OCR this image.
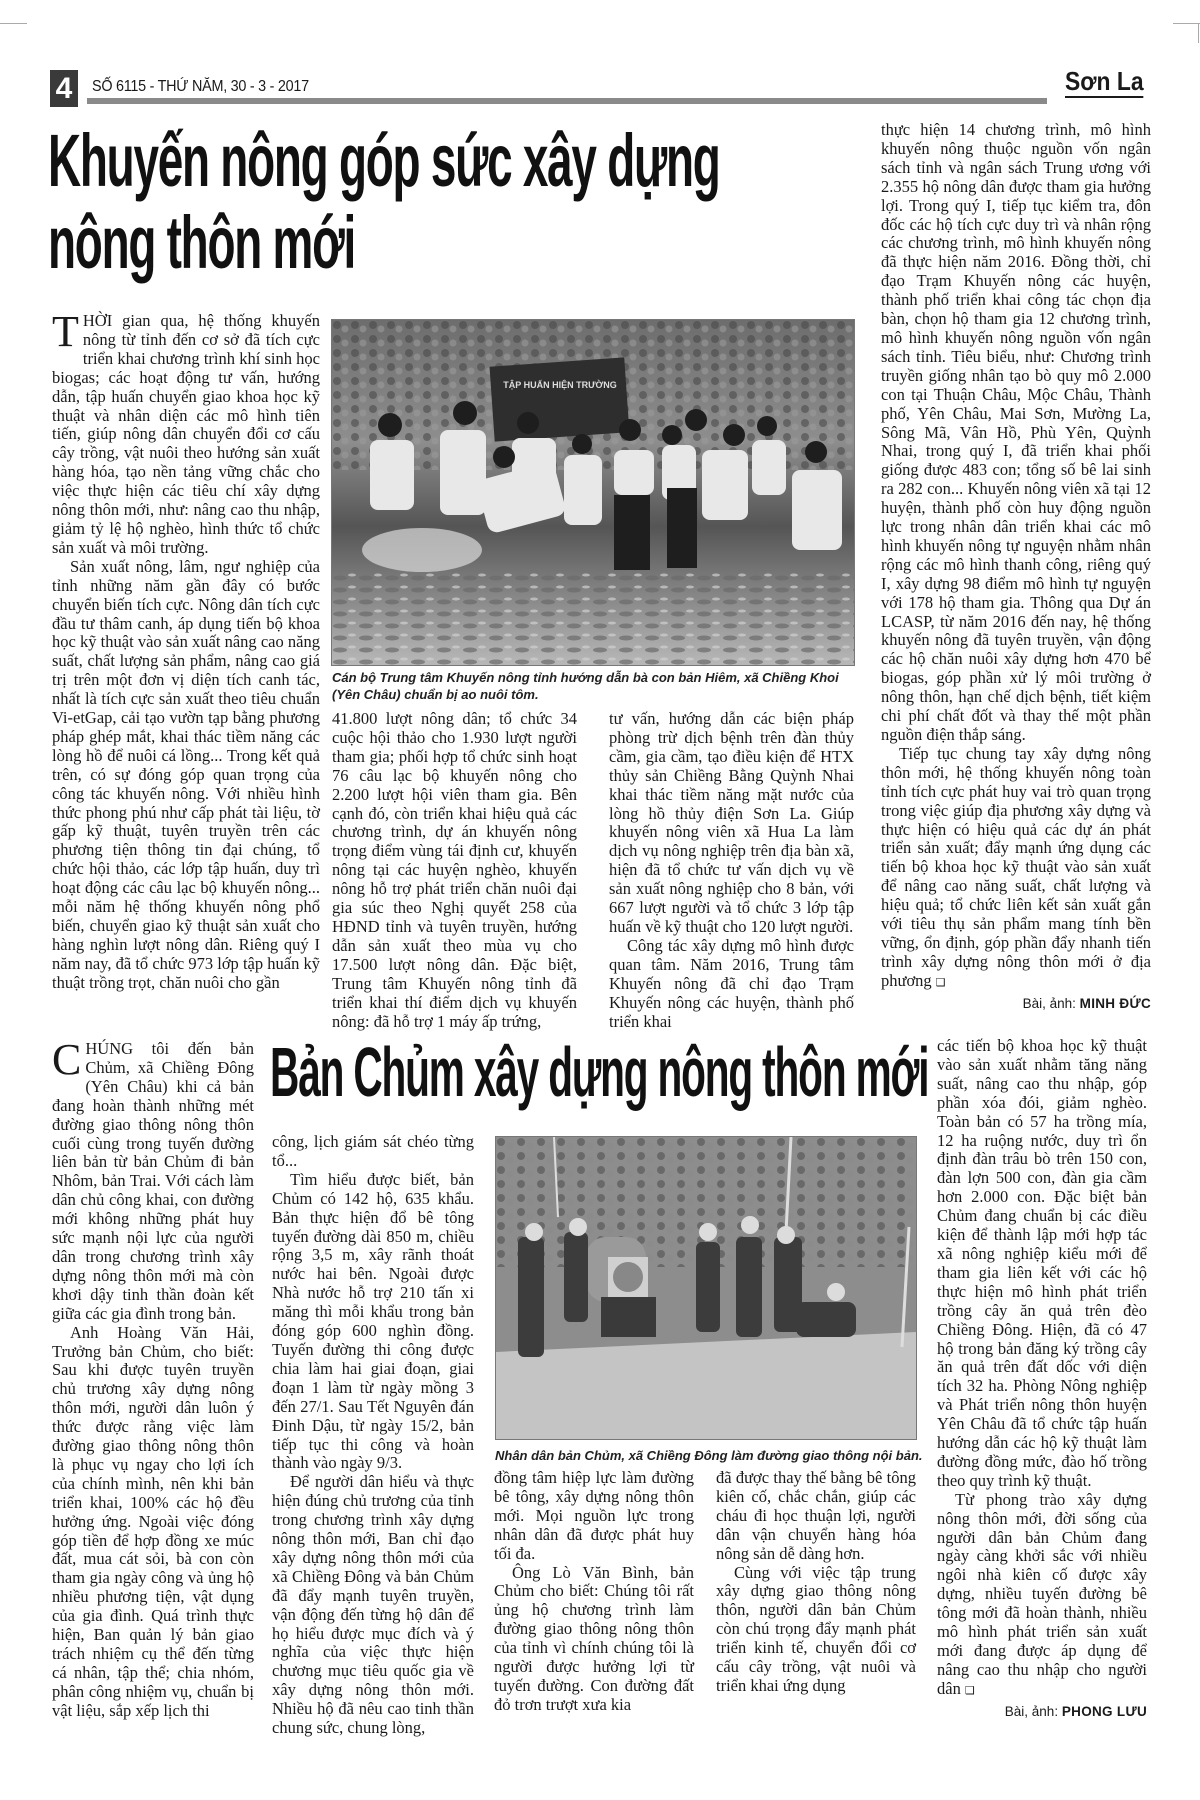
4	SỐ 6115 - THỨ NĂM, 30 - 3 - 2017	Sơn La
Khuyến nông góp sức xây dựng
nông thôn mới

THỜI gian qua, hệ thống khuyến nông từ tỉnh đến cơ sở đã tích cực triển khai chương trình khí sinh học biogas; các hoạt động tư vấn, hướng dẫn, tập huấn chuyển giao khoa học kỹ thuật và nhân diện các mô hình tiên tiến, giúp nông dân chuyển đổi cơ cấu cây trồng, vật nuôi theo hướng sản xuất hàng hóa, tạo nền tảng vững chắc cho việc thực hiện các tiêu chí xây dựng nông thôn mới, như: nâng cao thu nhập, giảm tỷ lệ hộ nghèo, hình thức tổ chức sản xuất và môi trường.

Sản xuất nông, lâm, ngư nghiệp của tỉnh những năm gần đây có bước chuyển biến tích cực. Nông dân tích cực đầu tư thâm canh, áp dụng tiến bộ khoa học kỹ thuật vào sản xuất nâng cao năng suất, chất lượng sản phẩm, nâng cao giá trị trên một đơn vị diện tích canh tác, nhất là tích cực sản xuất theo tiêu chuẩn Vi-etGap, cải tạo vườn tạp bằng phương pháp ghép mắt, khai thác tiềm năng các lòng hồ để nuôi cá lồng... Trong kết quả trên, có sự đóng góp quan trọng của công tác khuyến nông. Với nhiều hình thức phong phú như cấp phát tài liệu, tờ gấp kỹ thuật, tuyên truyền trên các phương tiện thông tin đại chúng, tổ chức hội thảo, các lớp tập huấn, duy trì hoạt động các câu lạc bộ khuyến nông... mỗi năm hệ thống khuyến nông phổ biến, chuyển giao kỹ thuật sản xuất cho hàng nghìn lượt nông dân. Riêng quý I năm nay, đã tổ chức 973 lớp tập huấn kỹ thuật trồng trọt, chăn nuôi cho gần

TẬP HUẤN HIỆN TRƯỜNG
Cán bộ Trung tâm Khuyến nông tỉnh hướng dẫn bà con bản Hiêm, xã Chiềng Khoi (Yên Châu) chuẩn bị ao nuôi tôm.

41.800 lượt nông dân; tổ chức 34 cuộc hội thảo cho 1.930 lượt người tham gia; phối hợp tổ chức sinh hoạt 76 câu lạc bộ khuyến nông cho 2.200 lượt hội viên tham gia. Bên cạnh đó, còn triển khai hiệu quả các chương trình, dự án khuyến nông trọng điểm vùng tái định cư, khuyến nông tại các huyện nghèo, khuyến nông hỗ trợ phát triển chăn nuôi đại gia súc theo Nghị quyết 258 của HĐND tỉnh và tuyên truyền, hướng dẫn sản xuất theo mùa vụ cho 17.500 lượt nông dân. Đặc biệt, Trung tâm Khuyến nông tỉnh đã triển khai thí điểm dịch vụ khuyến nông: đã hỗ trợ 1 máy ấp trứng,

tư vấn, hướng dẫn các biện pháp phòng trừ dịch bệnh trên đàn thủy cầm, gia cầm, tạo điều kiện để HTX thủy sản Chiềng Bằng Quỳnh Nhai khai thác tiềm năng mặt nước của lòng hồ thủy điện Sơn La. Giúp khuyến nông viên xã Hua La làm dịch vụ nông nghiệp trên địa bàn xã, hiện đã tổ chức tư vấn dịch vụ về sản xuất nông nghiệp cho 8 bản, với 667 lượt người và tổ chức 3 lớp tập huấn về kỹ thuật cho 120 lượt người.

Công tác xây dựng mô hình được quan tâm. Năm 2016, Trung tâm Khuyến nông đã chỉ đạo Trạm Khuyến nông các huyện, thành phố triển khai

thực hiện 14 chương trình, mô hình khuyến nông thuộc nguồn vốn ngân sách tỉnh và ngân sách Trung ương với 2.355 hộ nông dân được tham gia hưởng lợi. Trong quý I, tiếp tục kiểm tra, đôn đốc các hộ tích cực duy trì và nhân rộng các chương trình, mô hình khuyến nông đã thực hiện năm 2016. Đồng thời, chỉ đạo Trạm Khuyến nông các huyện, thành phố triển khai công tác chọn địa bàn, chọn hộ tham gia 12 chương trình, mô hình khuyến nông nguồn vốn ngân sách tỉnh. Tiêu biểu, như: Chương trình truyền giống nhân tạo bò quy mô 2.000 con tại Thuận Châu, Mộc Châu, Thành phố, Yên Châu, Mai Sơn, Mường La, Sông Mã, Vân Hồ, Phù Yên, Quỳnh Nhai, trong quý I, đã triển khai phối giống được 483 con; tổng số bê lai sinh ra 282 con... Khuyến nông viên xã tại 12 huyện, thành phố còn huy động nguồn lực trong nhân dân triển khai các mô hình khuyến nông tự nguyện nhằm nhân rộng các mô hình thanh công, riêng quý I, xây dựng 98 điểm mô hình tự nguyện với 178 hộ tham gia. Thông qua Dự án LCASP, từ năm 2016 đến nay, hệ thống khuyến nông đã tuyên truyền, vận động các hộ chăn nuôi xây dựng hơn 470 bể biogas, góp phần xử lý môi trường ở nông thôn, hạn chế dịch bệnh, tiết kiệm chi phí chất đốt và thay thế một phần nguồn điện thắp sáng.

Tiếp tục chung tay xây dựng nông thôn mới, hệ thống khuyến nông toàn tỉnh tích cực phát huy vai trò quan trọng trong việc giúp địa phương xây dựng và thực hiện có hiệu quả các dự án phát triển sản xuất; đẩy mạnh ứng dụng các tiến bộ khoa học kỹ thuật vào sản xuất để nâng cao năng suất, chất lượng và hiệu quả; tổ chức liên kết sản xuất gắn với tiêu thụ sản phẩm mang tính bền vững, ổn định, góp phần đẩy nhanh tiến trình xây dựng nông thôn mới ở địa phương ❑

Bài, ảnh: MINH ĐỨC
Bản Chủm xây dựng nông thôn mới

CHÚNG tôi đến bản Chủm, xã Chiềng Đông (Yên Châu) khi cả bản đang hoàn thành những mét đường giao thông nông thôn cuối cùng trong tuyến đường liên bản từ bản Chủm đi bản Nhôm, bản Trai. Với cách làm dân chủ công khai, con đường mới không những phát huy sức mạnh nội lực của người dân trong chương trình xây dựng nông thôn mới mà còn khơi dậy tinh thần đoàn kết giữa các gia đình trong bản.

Anh Hoàng Văn Hải, Trưởng bản Chủm, cho biết: Sau khi được tuyên truyền chủ trương xây dựng nông thôn mới, người dân luôn ý thức được rằng việc làm đường giao thông nông thôn là phục vụ ngay cho lợi ích của chính mình, nên khi bản triển khai, 100% các hộ đều hưởng ứng. Ngoài việc đóng góp tiền để hợp đồng xe múc đất, mua cát sỏi, bà con còn tham gia ngày công và ủng hộ nhiều phương tiện, vật dụng của gia đình. Quá trình thực hiện, Ban quản lý bản giao trách nhiệm cụ thể đến từng cá nhân, tập thể; chia nhóm, phân công nhiệm vụ, chuẩn bị vật liệu, sắp xếp lịch thi

công, lịch giám sát chéo từng tổ...

Tìm hiểu được biết, bản Chủm có 142 hộ, 635 khẩu. Bản thực hiện đổ bê tông tuyến đường dài 850 m, chiều rộng 3,5 m, xây rãnh thoát nước hai bên. Ngoài được Nhà nước hỗ trợ 210 tấn xi măng thì mỗi khẩu trong bản đóng góp 600 nghìn đồng. Tuyến đường thi công được chia làm hai giai đoạn, giai đoạn 1 làm từ ngày mồng 3 đến 27/1. Sau Tết Nguyên đán Đinh Dậu, từ ngày 15/2, bản tiếp tục thi công và hoàn thành vào ngày 9/3.

Để người dân hiểu và thực hiện đúng chủ trương của tỉnh trong chương trình xây dựng nông thôn mới, Ban chỉ đạo xây dựng nông thôn mới của xã Chiềng Đông và bản Chủm đã đẩy mạnh tuyên truyền, vận động đến từng hộ dân để họ hiểu được mục đích và ý nghĩa của việc thực hiện chương mục tiêu quốc gia về xây dựng nông thôn mới. Nhiều hộ đã nêu cao tinh thần chung sức, chung lòng,

Nhân dân bản Chủm, xã Chiềng Đông làm đường giao thông nội bản.

đồng tâm hiệp lực làm đường bê tông, xây dựng nông thôn mới. Mọi nguồn lực trong nhân dân đã được phát huy tối đa.

Ông Lò Văn Bình, bản Chủm cho biết: Chúng tôi rất ủng hộ chương trình làm đường giao thông nông thôn của tỉnh vì chính chúng tôi là người được hưởng lợi từ tuyến đường. Con đường đất đỏ trơn trượt xưa kia

đã được thay thế bằng bê tông kiên cố, chắc chắn, giúp các cháu đi học thuận lợi, người dân vận chuyển hàng hóa nông sản dễ dàng hơn.

Cùng với việc tập trung xây dựng giao thông nông thôn, người dân bản Chủm còn chú trọng đẩy mạnh phát triển kinh tế, chuyển đổi cơ cấu cây trồng, vật nuôi và triển khai ứng dụng

các tiến bộ khoa học kỹ thuật vào sản xuất nhằm tăng năng suất, nâng cao thu nhập, góp phần xóa đói, giảm nghèo. Toàn bản có 57 ha trồng mía, 12 ha ruộng nước, duy trì ổn định đàn trâu bò trên 150 con, đàn lợn 500 con, đàn gia cầm hơn 2.000 con. Đặc biệt bản Chủm đang chuẩn bị các điều kiện để thành lập mới hợp tác xã nông nghiệp kiểu mới để tham gia liên kết với các hộ thực hiện mô hình phát triển trồng cây ăn quả trên đèo Chiềng Đông. Hiện, đã có 47 hộ trong bản đăng ký trồng cây ăn quả trên đất dốc với diện tích 32 ha. Phòng Nông nghiệp và Phát triển nông thôn huyện Yên Châu đã tổ chức tập huấn hướng dẫn các hộ kỹ thuật làm đường đồng mức, đào hố trồng theo quy trình kỹ thuật.

Từ phong trào xây dựng nông thôn mới, đời sống của người dân bản Chủm đang ngày càng khởi sắc với nhiều ngôi nhà kiên cố được xây dựng, nhiều tuyến đường bê tông mới đã hoàn thành, nhiều mô hình phát triển sản xuất mới đang được áp dụng để nâng cao thu nhập cho người dân ❑

Bài, ảnh: PHONG LƯU
